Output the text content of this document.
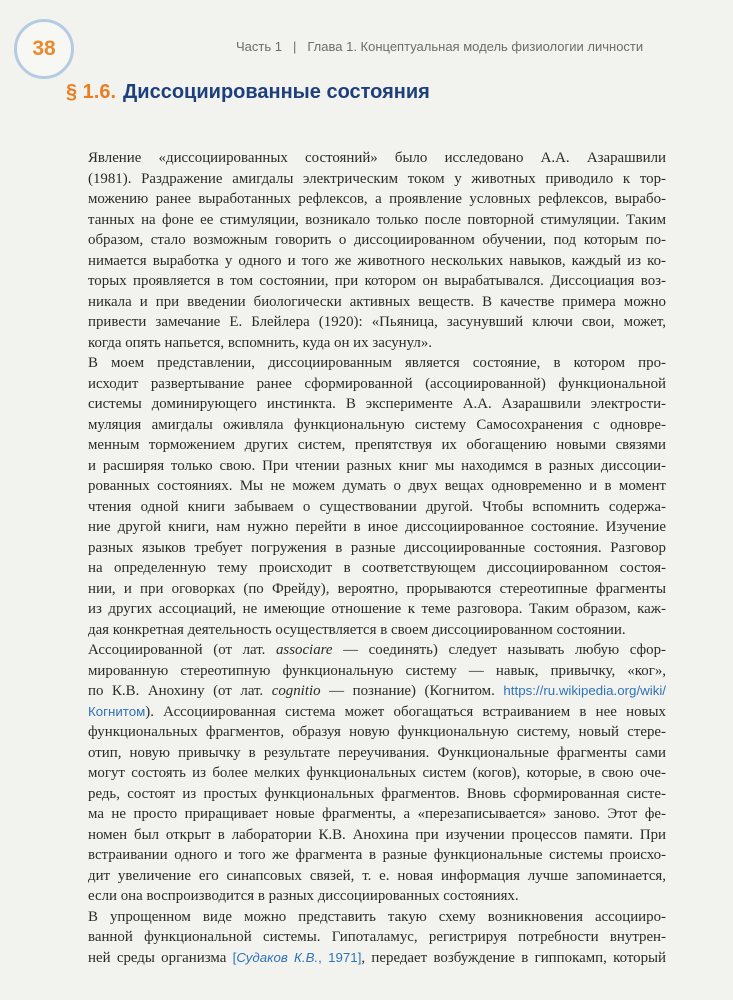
38	Часть 1 | Глава 1. Концептуальная модель физиологии личности
§ 1.6. Диссоциированные состояния

Явление «диссоциированных состояний» было исследовано А.А. Азарашвили
(1981). Раздражение амигдалы электрическим током у животных приводило к тор-
можению ранее выработанных рефлексов, а проявление условных рефлексов, вырабо-
танных на фоне ее стимуляции, возникало только после повторной стимуляции. Таким
образом, стало возможным говорить о диссоциированном обучении, под которым по-
нимается выработка у одного и того же животного нескольких навыков, каждый из ко-
торых проявляется в том состоянии, при котором он вырабатывался. Диссоциация воз-
никала и при введении биологически активных веществ. В качестве примера можно
привести замечание Е. Блейлера (1920): «Пьяница, засунувший ключи свои, может,
когда опять напьется, вспомнить, куда он их засунул».

В моем представлении, диссоциированным является состояние, в котором про-
исходит развертывание ранее сформированной (ассоциированной) функциональной
системы доминирующего инстинкта. В эксперименте А.А. Азарашвили электрости-
муляция амигдалы оживляла функциональную систему Самосохранения с одновре-
менным торможением других систем, препятствуя их обогащению новыми связями
и расширяя только свою. При чтении разных книг мы находимся в разных диссоции-
рованных состояниях. Мы не можем думать о двух вещах одновременно и в момент
чтения одной книги забываем о существовании другой. Чтобы вспомнить содержа-
ние другой книги, нам нужно перейти в иное диссоциированное состояние. Изучение
разных языков требует погружения в разные диссоциированные состояния. Разговор
на определенную тему происходит в соответствующем диссоциированном состоя-
нии, и при оговорках (по Фрейду), вероятно, прорываются стереотипные фрагменты
из других ассоциаций, не имеющие отношение к теме разговора. Таким образом, каж-
дая конкретная деятельность осуществляется в своем диссоциированном состоянии.

Ассоциированной (от лат. associare — соединять) следует называть любую сфор-
мированную стереотипную функциональную систему — навык, привычку, «ког»,
по К.В. Анохину (от лат. cognitio — познание) (Когнитом. https://ru.wikipedia.org/wiki/
Когнитом). Ассоциированная система может обогащаться встраиванием в нее новых
функциональных фрагментов, образуя новую функциональную систему, новый стере-
отип, новую привычку в результате переучивания. Функциональные фрагменты сами
могут состоять из более мелких функциональных систем (когов), которые, в свою оче-
редь, состоят из простых функциональных фрагментов. Вновь сформированная систе-
ма не просто приращивает новые фрагменты, а «перезаписывается» заново. Этот фе-
номен был открыт в лаборатории К.В. Анохина при изучении процессов памяти. При
встраивании одного и того же фрагмента в разные функциональные системы происхо-
дит увеличение его синапсовых связей, т. е. новая информация лучше запоминается,
если она воспроизводится в разных диссоциированных состояниях.

В упрощенном виде можно представить такую схему возникновения ассоцииро-
ванной функциональной системы. Гипоталамус, регистрируя потребности внутрен-
ней среды организма [Судаков К.В., 1971], передает возбуждение в гиппокамп, который
